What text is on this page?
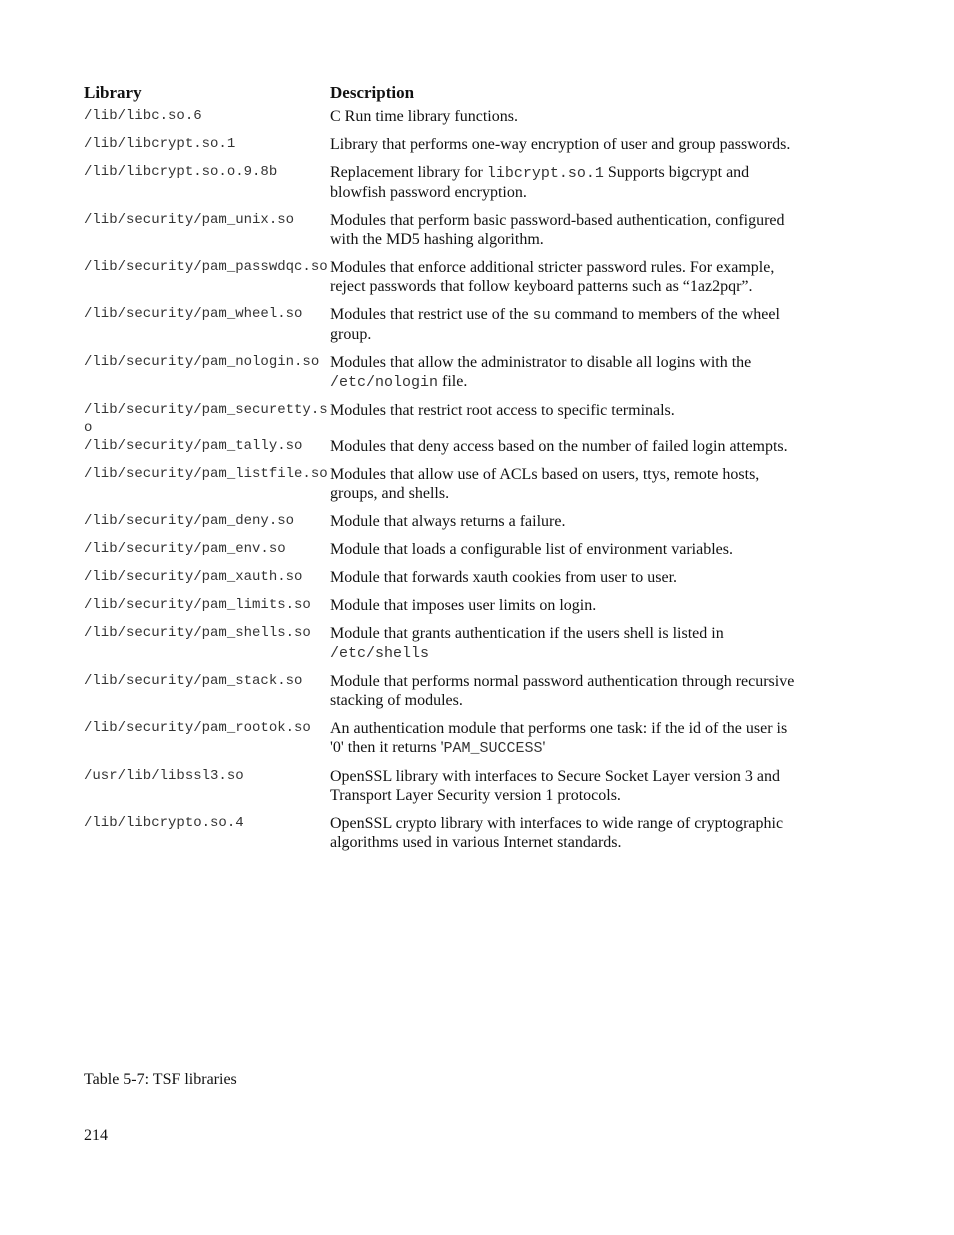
Library	Description
/lib/libc.so.6	C Run time library functions.
/lib/libcrypt.so.1	Library that performs one-way encryption of user and group passwords.
/lib/libcrypt.so.o.9.8b	Replacement library for libcrypt.so.1 Supports bigcrypt and blowfish password encryption.
/lib/security/pam_unix.so	Modules that perform basic password-based authentication, configured with the MD5 hashing algorithm.
/lib/security/pam_passwdqc.so	Modules that enforce additional stricter password rules. For example, reject passwords that follow keyboard patterns such as “1az2pqr”.
/lib/security/pam_wheel.so	Modules that restrict use of the su command to members of the wheel group.
/lib/security/pam_nologin.so	Modules that allow the administrator to disable all logins with the /etc/nologin file.
/lib/security/pam_securetty.so	Modules that restrict root access to specific terminals.
/lib/security/pam_tally.so	Modules that deny access based on the number of failed login attempts.
/lib/security/pam_listfile.so	Modules that allow use of ACLs based on users, ttys, remote hosts, groups, and shells.
/lib/security/pam_deny.so	Module that always returns a failure.
/lib/security/pam_env.so	Module that loads a configurable list of environment variables.
/lib/security/pam_xauth.so	Module that forwards xauth cookies from user to user.
/lib/security/pam_limits.so	Module that imposes user limits on login.
/lib/security/pam_shells.so	Module that grants authentication if the users shell is listed in /etc/shells
/lib/security/pam_stack.so	Module that performs normal password authentication through recursive stacking of modules.
/lib/security/pam_rootok.so	An authentication module that performs one task: if the id of the user is '0' then it returns 'PAM_SUCCESS'
/usr/lib/libssl3.so	OpenSSL library with interfaces to Secure Socket Layer version 3 and Transport Layer Security version 1 protocols.
/lib/libcrypto.so.4	OpenSSL crypto library with interfaces to wide range of cryptographic algorithms used in various Internet standards.
Table 5-7: TSF libraries
214
